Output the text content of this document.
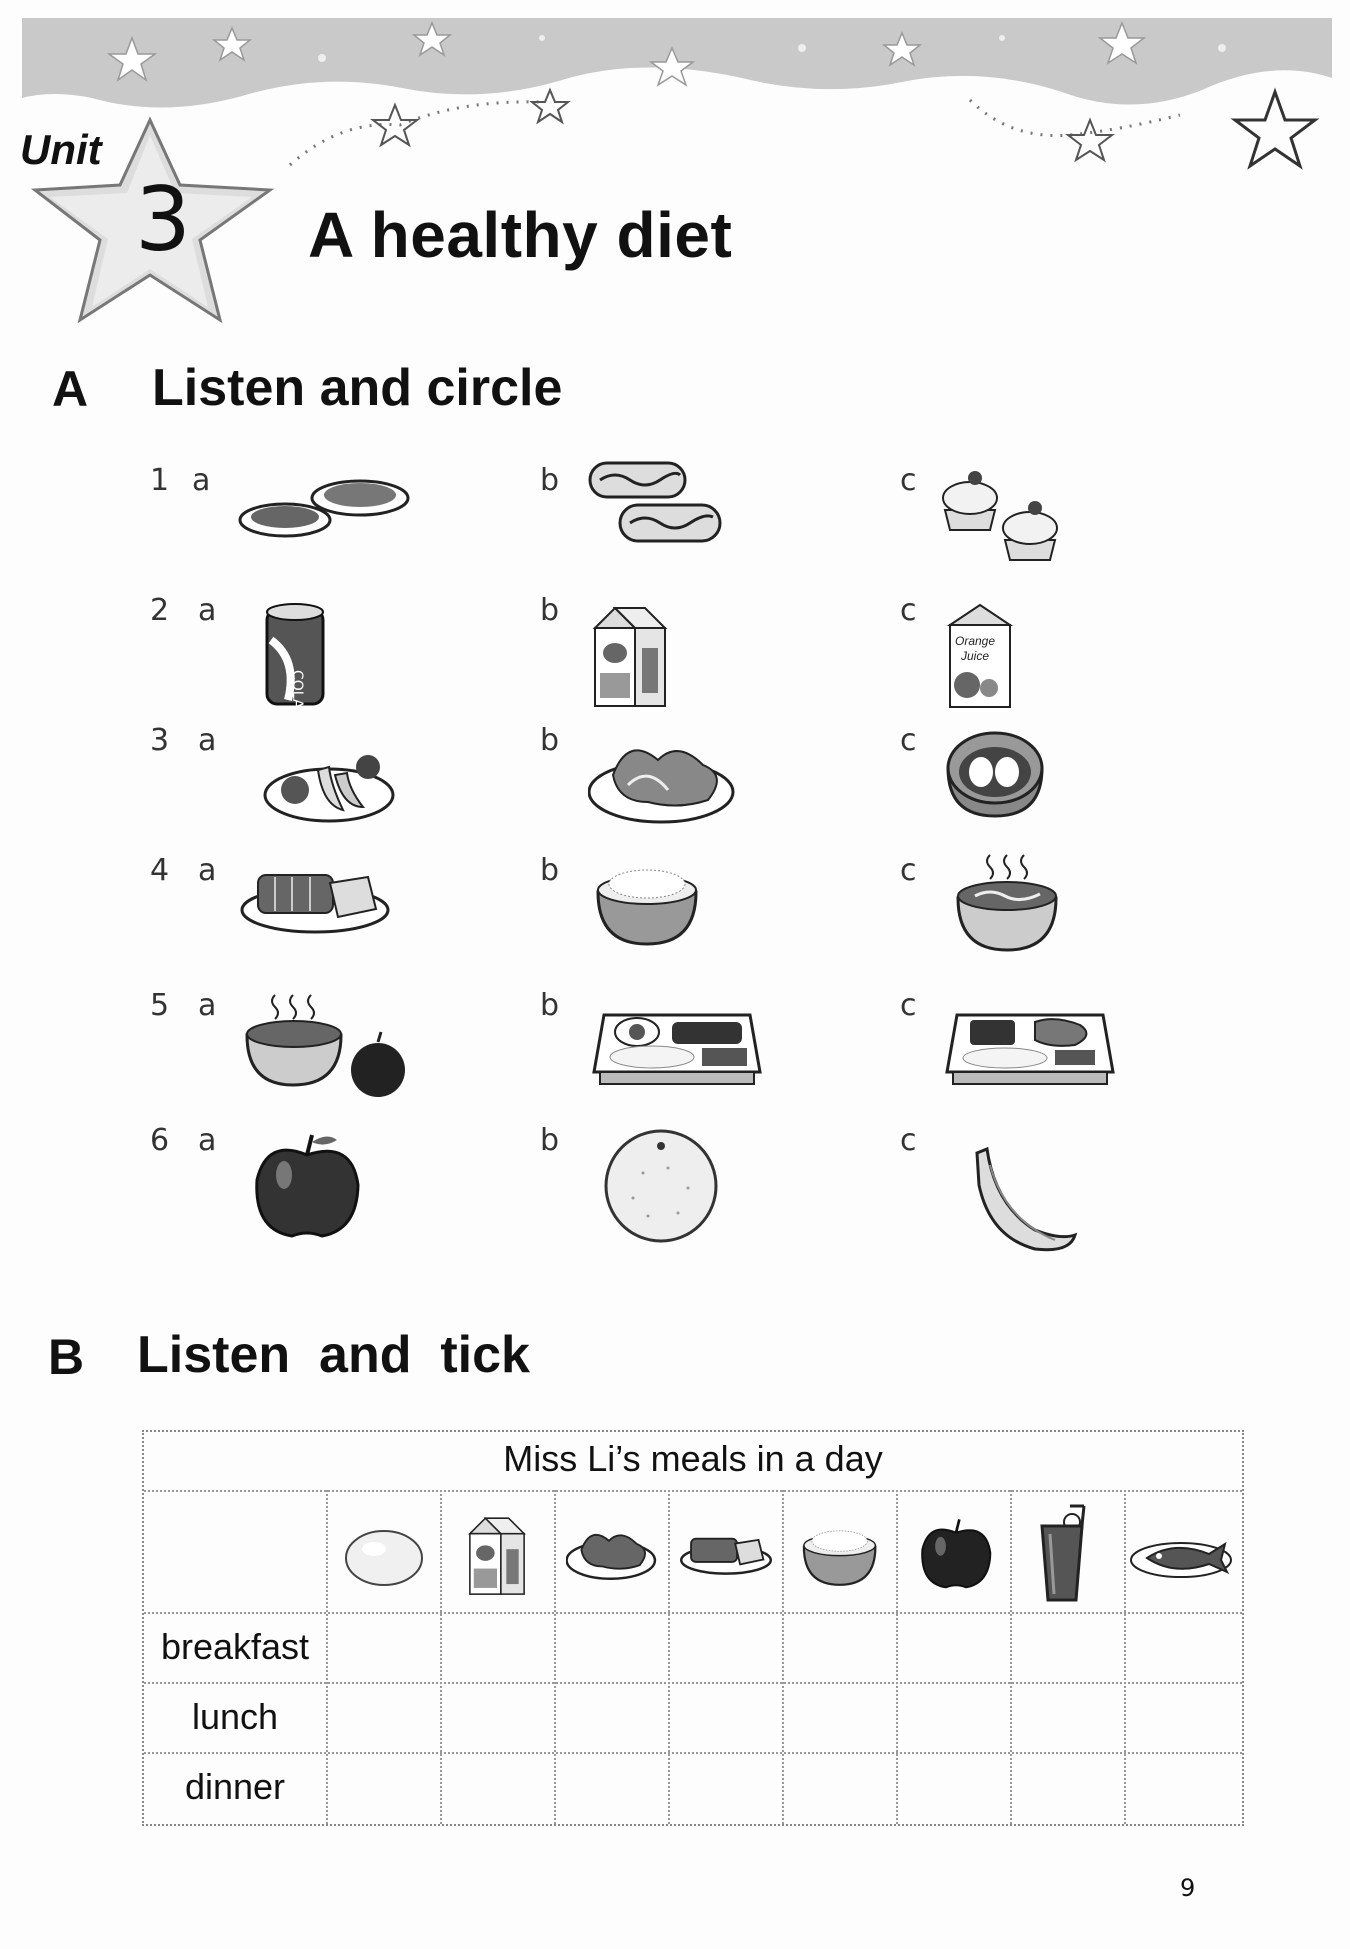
Unit
3 A healthy diet
A Listen and circle
1 a	b	c
2 a
COLA
b	c
Orange
Juice
3 a	b	c
4 a	b	c
5 a	b	c
6 a	b	c
B Listen  and  tick
Miss Li’s meals in a day
breakfast
lunch
dinner
9
